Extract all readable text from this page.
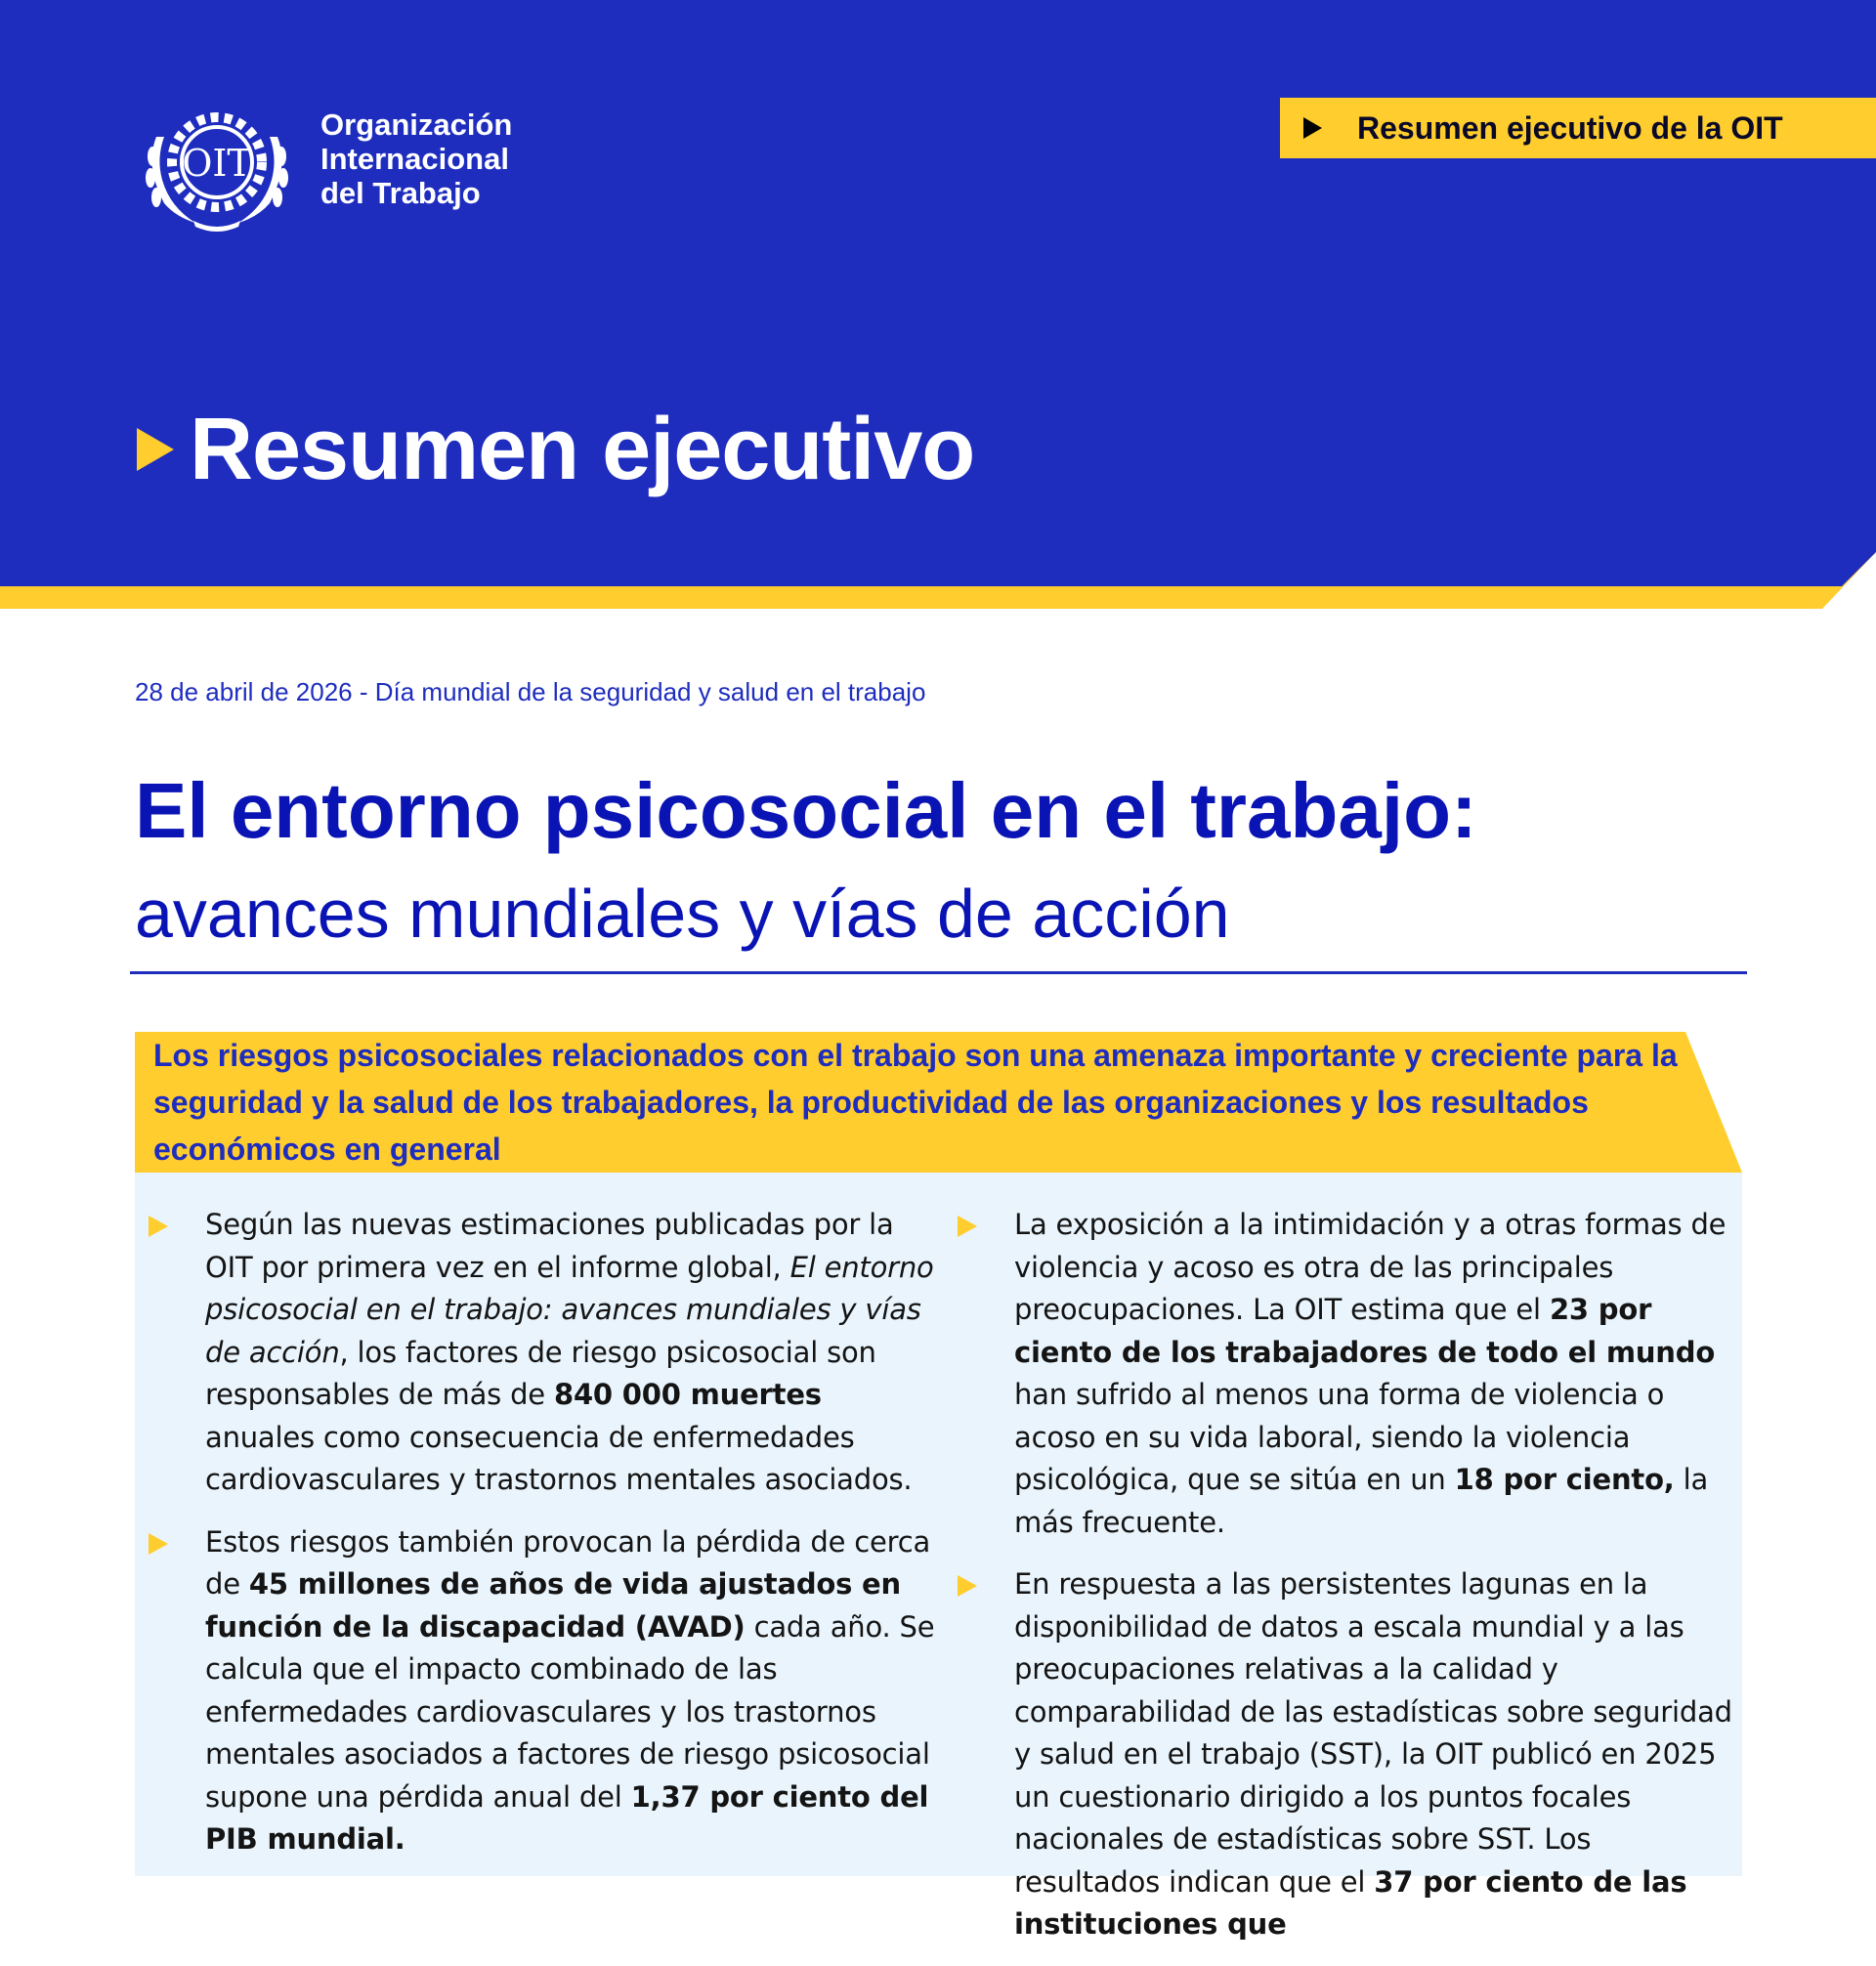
OIT
Organización
Internacional
del Trabajo
Resumen ejecutivo de la OIT
Resumen ejecutivo
28 de abril de 2026 - Día mundial de la seguridad y salud en el trabajo
El entorno psicosocial en el trabajo:
avances mundiales y vías de acción
Los riesgos psicosociales relacionados con el trabajo son una amenaza importante y creciente para la seguridad y la salud de los trabajadores, la productividad de las organizaciones y los resultados económicos en general

Según las nuevas estimaciones publicadas por la OIT por primera vez en el informe global, El entorno psicosocial en el trabajo: avances mundiales y vías de acción, los factores de riesgo psicosocial son responsables de más de 840 000 muertes anuales como consecuencia de enfermedades cardiovasculares y trastornos mentales asociados.

Estos riesgos también provocan la pérdida de cerca de 45 millones de años de vida ajustados en función de la discapacidad (AVAD) cada año. Se calcula que el impacto combinado de las enfermedades cardiovasculares y los trastornos mentales asociados a factores de riesgo psicosocial supone una pérdida anual del 1,37 por ciento del PIB mundial.

La exposición a la intimidación y a otras formas de violencia y acoso es otra de las principales preocupaciones. La OIT estima que el 23 por ciento de los trabajadores de todo el mundo han sufrido al menos una forma de violencia o acoso en su vida laboral, siendo la violencia psicológica, que se sitúa en un 18 por ciento, la más frecuente.

En respuesta a las persistentes lagunas en la disponibilidad de datos a escala mundial y a las preocupaciones relativas a la calidad y comparabilidad de las estadísticas sobre seguridad y salud en el trabajo (SST), la OIT publicó en 2025 un cuestionario dirigido a los puntos focales nacionales de estadísticas sobre SST. Los resultados indican que el 37 por ciento de las instituciones que
